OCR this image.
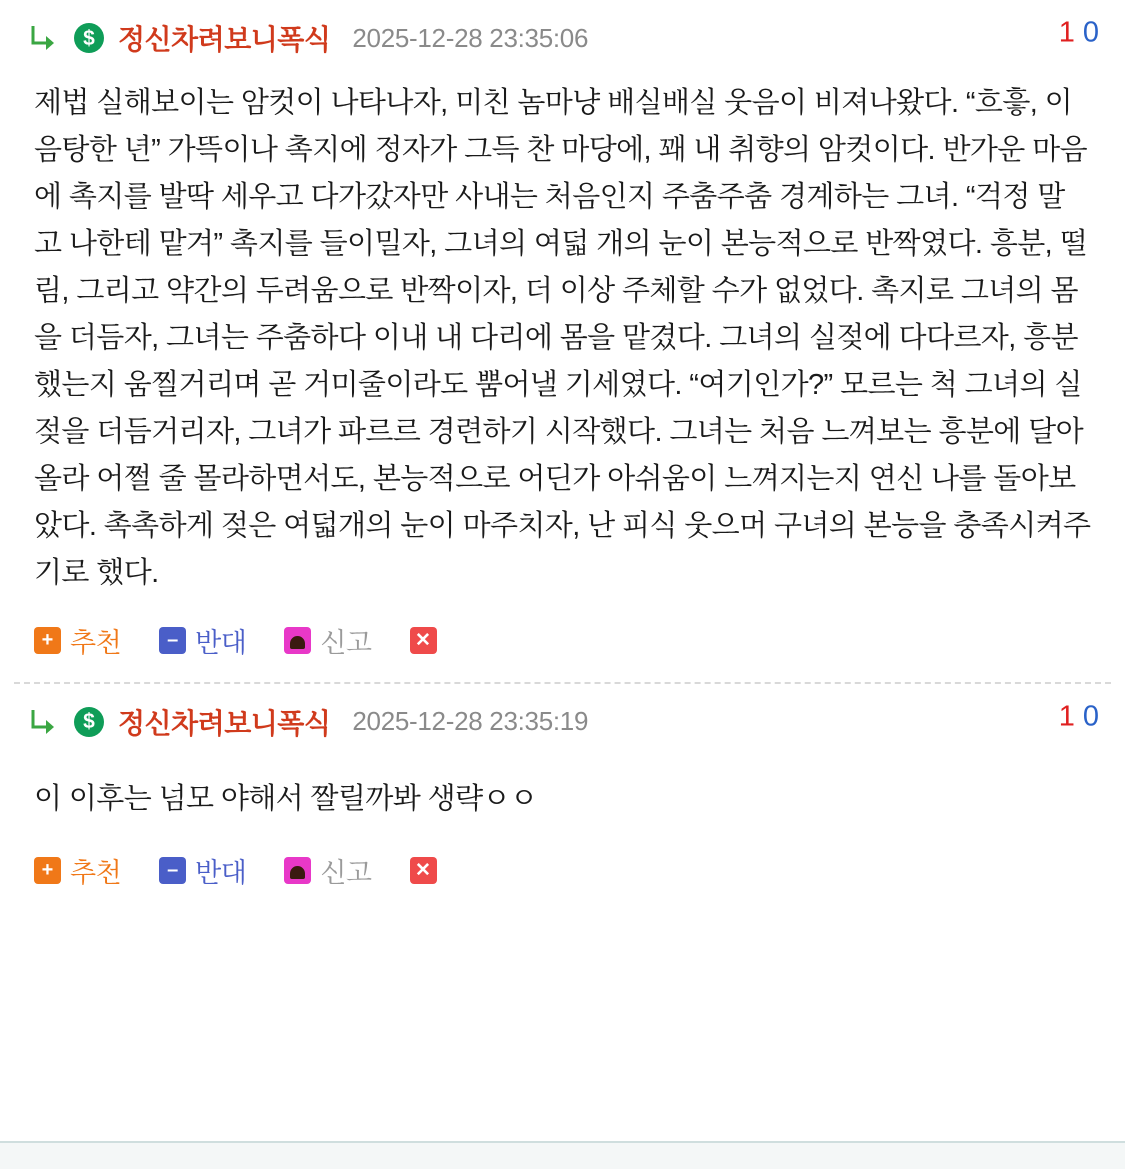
$ 정신차려보니폭식 2025-12-28 23:35:06	1 0
제법 실해보이는 암컷이 나타나자, 미친 놈마냥 배실배실 웃음이 비져나왔다. “흐흫, 이 음탕한 년” 가뜩이나 촉지에 정자가 그득 찬 마당에, 꽤 내 취향의 암컷이다. 반가운 마음에 촉지를 발딱 세우고 다가갔자만 사내는 처음인지 주춤주춤 경계하는 그녀. “걱정 말고 나한테 맡겨” 촉지를 들이밀자, 그녀의 여덟 개의 눈이 본능적으로 반짝였다. 흥분, 떨림, 그리고 약간의 두려움으로 반짝이자, 더 이상 주체할 수가 없었다. 촉지로 그녀의 몸을 더듬자, 그녀는 주춤하다 이내 내 다리에 몸을 맡겼다. 그녀의 실젖에 다다르자, 흥분했는지 움찔거리며 곧 거미줄이라도 뿜어낼 기세였다. “여기인가?” 모르는 척 그녀의 실젖을 더듬거리자, 그녀가 파르르 경련하기 시작했다. 그녀는 처음 느껴보는 흥분에 달아올라 어쩔 줄 몰라하면서도, 본능적으로 어딘가 아쉬움이 느껴지는지 연신 나를 돌아보았다. 촉촉하게 젖은 여덟개의 눈이 마주치자, 난 피식 웃으머 구녀의 본능을 충족시켜주기로 했다.
+ 추천	– 반대	신고 ✕
$ 정신차려보니폭식 2025-12-28 23:35:19	1 0
이 이후는 넘모 야해서 짤릴까봐 생략ㅇㅇ
+ 추천	– 반대	신고 ✕
